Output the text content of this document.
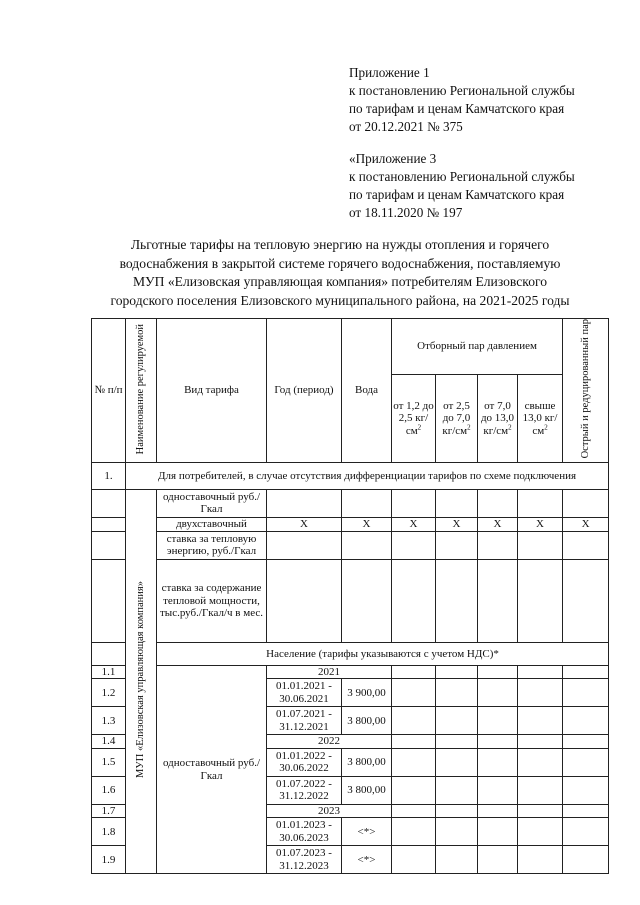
Приложение 1
к постановлению Региональной службы
по тарифам и ценам Камчатского края
от 20.12.2021 № 375
«Приложение 3
к постановлению Региональной службы
по тарифам и ценам Камчатского края
от 18.11.2020 № 197
Льготные тарифы на тепловую энергию на нужды отопления и горячего
водоснабжения в закрытой системе горячего водоснабжения, поставляемую
МУП «Елизовская управляющая компания» потребителям Елизовского
городского поселения Елизовского муниципального района, на 2021-2025 годы
№ п/п	Наименование регулируемой	Вид тарифа	Год (период)	Вода	Отборный пар давлением				Острый и редуцированный пар
					от 1,2 до 2,5 $кг/см^2$	от 2,5 до 7,0 $кг/см^2$	от 7,0 до 13,0 $кг/см^2$	свыше 13,0 $кг/см^2$
1.	Для потребителей, в случае отсутствия дифференциации тарифов по схеме подключения								
	МУП «Елизовская управляющая компания»	одноставочный руб./Гкал							
		двухставочный	Х	Х	Х	Х	Х	Х	Х
		ставка за тепловую энергию, руб./Гкал							
		ставка за содержание тепловой мощности, тыс.руб./Гкал/ч в мес.							
		Население (тарифы указываются с учетом НДС)*							
1.1		одноставочный руб./Гкал	2021						
1.2			01.01.2021 - 30.06.2021	3 900,00					
1.3			01.07.2021 - 31.12.2021	3 800,00					
1.4			2022						
1.5			01.01.2022 - 30.06.2022	3 800,00					
1.6			01.07.2022 - 31.12.2022	3 800,00					
1.7			2023						
1.8			01.01.2023 - 30.06.2023	<*>					
1.9			01.07.2023 - 31.12.2023	<*>					
